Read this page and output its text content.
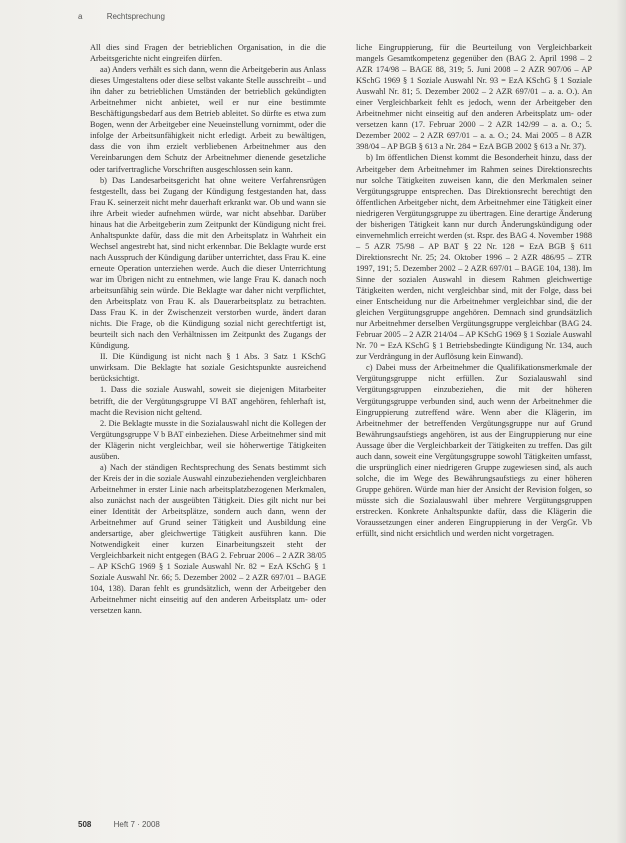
a	Rechtsprechung

All dies sind Fragen der betrieblichen Organisation, in die die Arbeitsgerichte nicht eingreifen dürfen.

aa) Anders verhält es sich dann, wenn die Arbeitgeberin aus Anlass dieses Umgestaltens oder diese selbst vakante Stelle ausschreibt – und ihn daher zu betrieblichen Umständen der betrieblich gekündigten Arbeitnehmer nicht anbietet, weil er nur eine bestimmte Beschäftigungsbedarf aus dem Betrieb ableitet. So dürfte es etwa zum Bogen, wenn der Arbeitgeber eine Neueinstellung vornimmt, oder die infolge der Arbeitsunfähigkeit nicht erledigt. Arbeit zu bewältigen, dass die von ihm erzielt verbliebenen Arbeitnehmer aus den Vereinbarungen dem Schutz der Arbeitnehmer dienende gesetzliche oder tarifvertragliche Vorschriften ausgeschlossen sein kann.

b) Das Landesarbeitsgericht hat ohne weitere Verfahrensrügen festgestellt, dass bei Zugang der Kündigung festgestanden hat, dass Frau K. seinerzeit nicht mehr dauerhaft erkrankt war. Ob und wann sie ihre Arbeit wieder aufnehmen würde, war nicht absehbar. Darüber hinaus hat die Arbeitgeberin zum Zeitpunkt der Kündigung nicht frei. Anhaltspunkte dafür, dass die mit den Arbeitsplatz in Wahrheit ein Wechsel angestrebt hat, sind nicht erkennbar. Die Beklagte wurde erst nach Ausspruch der Kündigung darüber unterrichtet, dass Frau K. eine erneute Operation unterziehen werde. Auch die dieser Unterrichtung war im Übrigen nicht zu entnehmen, wie lange Frau K. danach noch arbeitsunfähig sein würde. Die Beklagte war daher nicht verpflichtet, den Arbeitsplatz von Frau K. als Dauerarbeitsplatz zu betrachten. Dass Frau K. in der Zwischenzeit verstorben wurde, ändert daran nichts. Die Frage, ob die Kündigung sozial nicht gerechtfertigt ist, beurteilt sich nach den Verhältnissen im Zeitpunkt des Zugangs der Kündigung.

II. Die Kündigung ist nicht nach § 1 Abs. 3 Satz 1 KSchG unwirksam. Die Beklagte hat soziale Gesichtspunkte ausreichend berücksichtigt.

1. Dass die soziale Auswahl, soweit sie diejenigen Mitarbeiter betrifft, die der Vergütungsgruppe VI BAT angehören, fehlerhaft ist, macht die Revision nicht geltend.

2. Die Beklagte musste in die Sozialauswahl nicht die Kollegen der Vergütungsgruppe V b BAT einbeziehen. Diese Arbeitnehmer sind mit der Klägerin nicht vergleichbar, weil sie höherwertige Tätigkeiten ausüben.

a) Nach der ständigen Rechtsprechung des Senats bestimmt sich der Kreis der in die soziale Auswahl einzubeziehenden vergleichbaren Arbeitnehmer in erster Linie nach arbeitsplatzbezogenen Merkmalen, also zunächst nach der ausgeübten Tätigkeit. Dies gilt nicht nur bei einer Identität der Arbeitsplätze, sondern auch dann, wenn der Arbeitnehmer auf Grund seiner Tätigkeit und Ausbildung eine andersartige, aber gleichwertige Tätigkeit ausführen kann. Die Notwendigkeit einer kurzen Einarbeitungszeit steht der Vergleichbarkeit nicht entgegen (BAG 2. Februar 2006 – 2 AZR 38/05 – AP KSchG 1969 § 1 Soziale Auswahl Nr. 82 = EzA KSchG § 1 Soziale Auswahl Nr. 66; 5. Dezember 2002 – 2 AZR 697/01 – BAGE 104, 138). Daran fehlt es grundsätzlich, wenn der Arbeitgeber den Arbeitnehmer nicht einseitig auf den anderen Arbeitsplatz um- oder versetzen kann.

liche Eingruppierung, für die Beurteilung von Vergleichbarkeit mangels Gesamtkompetenz gegenüber den (BAG 2. April 1998 – 2 AZR 174/98 – BAGE 88, 319; 5. Juni 2008 – 2 AZR 907/06 – AP KSchG 1969 § 1 Soziale Auswahl Nr. 93 = EzA KSchG § 1 Soziale Auswahl Nr. 81; 5. Dezember 2002 – 2 AZR 697/01 – a. a. O.). An einer Vergleichbarkeit fehlt es jedoch, wenn der Arbeitgeber den Arbeitnehmer nicht einseitig auf den anderen Arbeitsplatz um- oder versetzen kann (17. Februar 2000 – 2 AZR 142/99 – a. a. O.; 5. Dezember 2002 – 2 AZR 697/01 – a. a. O.; 24. Mai 2005 – 8 AZR 398/04 – AP BGB § 613 a Nr. 284 = EzA BGB 2002 § 613 a Nr. 37).

b) Im öffentlichen Dienst kommt die Besonderheit hinzu, dass der Arbeitgeber dem Arbeitnehmer im Rahmen seines Direktionsrechts nur solche Tätigkeiten zuweisen kann, die den Merkmalen seiner Vergütungsgruppe entsprechen. Das Direktionsrecht berechtigt den öffentlichen Arbeitgeber nicht, dem Arbeitnehmer eine Tätigkeit einer niedrigeren Vergütungsgruppe zu übertragen. Eine derartige Änderung der bisherigen Tätigkeit kann nur durch Änderungskündigung oder einvernehmlich erreicht werden (st. Rspr. des BAG 4. November 1988 – 5 AZR 75/98 – AP BAT § 22 Nr. 128 = EzA BGB § 611 Direktionsrecht Nr. 25; 24. Oktober 1996 – 2 AZR 486/95 – ZTR 1997, 191; 5. Dezember 2002 – 2 AZR 697/01 – BAGE 104, 138). Im Sinne der sozialen Auswahl in diesem Rahmen gleichwertige Tätigkeiten werden, nicht vergleichbar sind, mit der Folge, dass bei einer Entscheidung nur die Arbeitnehmer vergleichbar sind, die der gleichen Vergütungsgruppe angehören. Demnach sind grundsätzlich nur Arbeitnehmer derselben Vergütungsgruppe vergleichbar (BAG 24. Februar 2005 – 2 AZR 214/04 – AP KSchG 1969 § 1 Soziale Auswahl Nr. 70 = EzA KSchG § 1 Betriebsbedingte Kündigung Nr. 134, auch zur Verdrängung in der Auflösung kein Einwand).

c) Dabei muss der Arbeitnehmer die Qualifikationsmerkmale der Vergütungsgruppe nicht erfüllen. Zur Sozialauswahl sind Vergütungsgruppen einzubeziehen, die mit der höheren Vergütungsgruppe verbunden sind, auch wenn der Arbeitnehmer die Eingruppierung zutreffend wäre. Wenn aber die Klägerin, im Arbeitnehmer der betreffenden Vergütungsgruppe nur auf Grund Bewährungsaufstiegs angehören, ist aus der Eingruppierung nur eine Aussage über die Vergleichbarkeit der Tätigkeiten zu treffen. Das gilt auch dann, soweit eine Vergütungsgruppe sowohl Tätigkeiten umfasst, die ursprünglich einer niedrigeren Gruppe zugewiesen sind, als auch solche, die im Wege des Bewährungsaufstiegs zu einer höheren Gruppe gehören. Würde man hier der Ansicht der Revision folgen, so müsste sich die Sozialauswahl über mehrere Vergütungsgruppen erstrecken. Konkrete Anhaltspunkte dafür, dass die Klägerin die Voraussetzungen einer anderen Eingruppierung in der VergGr. Vb erfüllt, sind nicht ersichtlich und werden nicht vorgetragen.

508	Heft 7 · 2008
